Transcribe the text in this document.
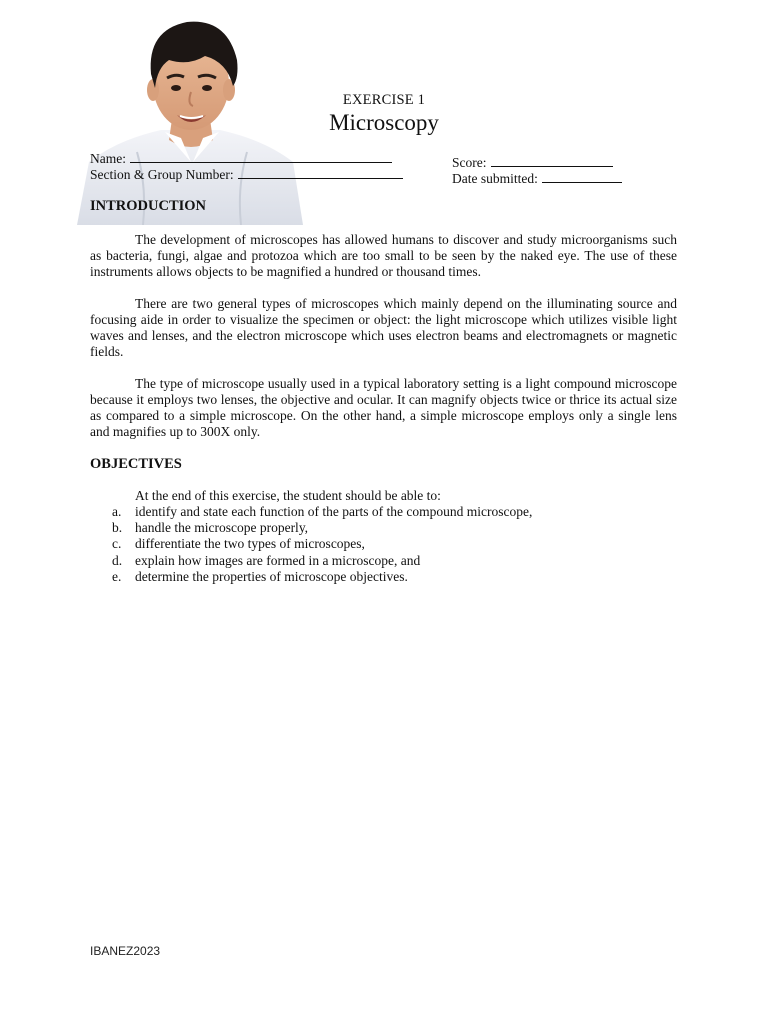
EXERCISE 1
Microscopy
Name:
Section & Group Number:
Score:
Date submitted:
INTRODUCTION

The development of microscopes has allowed humans to discover and study microorganisms such as bacteria, fungi, algae and protozoa which are too small to be seen by the naked eye. The use of these instruments allows objects to be magnified a hundred or thousand times.

There are two general types of microscopes which mainly depend on the illuminating source and focusing aide in order to visualize the specimen or object: the light microscope which utilizes visible light waves and lenses, and the electron microscope which uses electron beams and electromagnets or magnetic fields.

The type of microscope usually used in a typical laboratory setting is a light compound microscope because it employs two lenses, the objective and ocular. It can magnify objects twice or thrice its actual size as compared to a simple microscope. On the other hand, a simple microscope employs only a single lens and magnifies up to 300X only.

OBJECTIVES
At the end of this exercise, the student should be able to:
a.	identify and state each function of the parts of the compound microscope,
b. handle the microscope properly,
c.	differentiate the two types of microscopes,
d. explain how images are formed in a microscope, and
e.	determine the properties of microscope objectives.
IBANEZ2023
